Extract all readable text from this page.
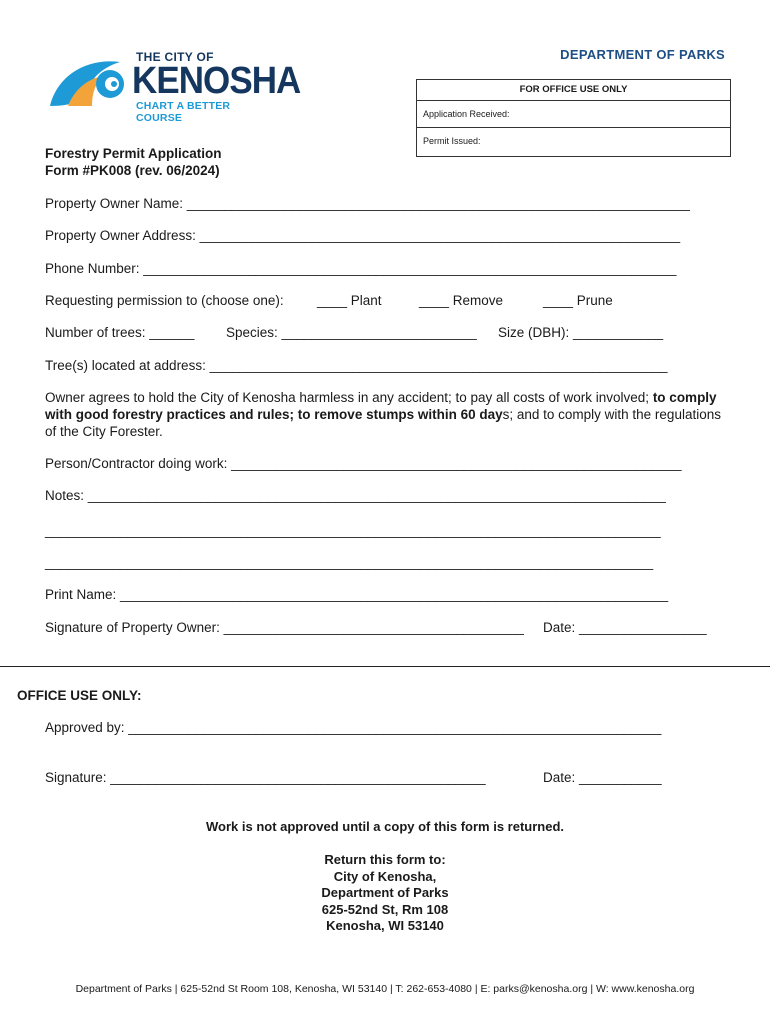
THE CITY OF
KENOSHA
CHART A BETTER COURSE
DEPARTMENT OF PARKS
FOR OFFICE USE ONLY
Application Received:
Permit Issued:
Forestry Permit Application
Form #PK008 (rev. 06/2024)
Property Owner Name: ___________________________________________________________________
Property Owner Address: ________________________________________________________________
Phone Number: _______________________________________________________________________
Requesting permission to (choose one): ____ Plant	____ Remove	____ Prune
Number of trees: ______ Species: __________________________ Size (DBH): ____________
Tree(s) located at address: _____________________________________________________________
Owner agrees to hold the City of Kenosha harmless in any accident; to pay all costs of work involved; to comply with good forestry practices and rules; to remove stumps within 60 days; and to comply with the regulations of the City Forester.
Person/Contractor doing work: ____________________________________________________________
Notes: _____________________________________________________________________________
__________________________________________________________________________________
_________________________________________________________________________________
Print Name: _________________________________________________________________________
Signature of Property Owner: ________________________________________ Date: _________________
OFFICE USE ONLY:
Approved by: _______________________________________________________________________
Signature: __________________________________________________	Date: ___________
Work is not approved until a copy of this form is returned.
Return this form to:
City of Kenosha,
Department of Parks
625-52nd St, Rm 108
Kenosha, WI 53140
Department of Parks | 625-52nd St Room 108, Kenosha, WI 53140 | T: 262-653-4080 | E: parks@kenosha.org | W: www.kenosha.org
